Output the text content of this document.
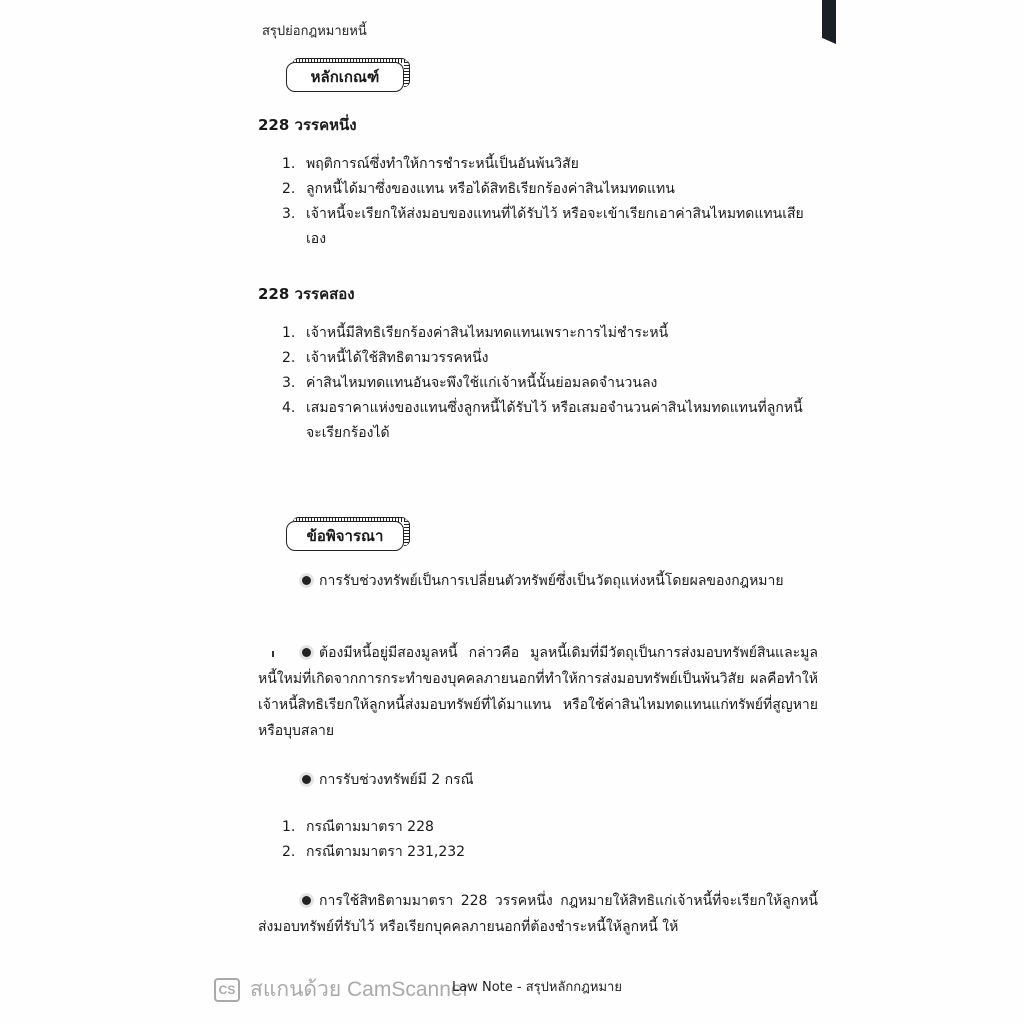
สรุปย่อกฎหมายหนี้
หลักเกณฑ์
228 วรรคหนึ่ง
1. พฤติการณ์ซึ่งทำให้การชำระหนี้เป็นอันพ้นวิสัย
2. ลูกหนี้ได้มาซึ่งของแทน หรือได้สิทธิเรียกร้องค่าสินไหมทดแทน
3. เจ้าหนี้จะเรียกให้ส่งมอบของแทนที่ได้รับไว้ หรือจะเข้าเรียกเอาค่าสินไหมทดแทนเสียเอง
228 วรรคสอง
1. เจ้าหนี้มีสิทธิเรียกร้องค่าสินไหมทดแทนเพราะการไม่ชำระหนี้
2. เจ้าหนี้ได้ใช้สิทธิตามวรรคหนึ่ง
3. ค่าสินไหมทดแทนอันจะพึงใช้แก่เจ้าหนี้นั้นย่อมลดจำนวนลง
4. เสมอราคาแห่งของแทนซึ่งลูกหนี้ได้รับไว้ หรือเสมอจำนวนค่าสินไหมทดแทนที่ลูกหนี้จะเรียกร้องได้
ข้อพิจารณา
การรับช่วงทรัพย์เป็นการเปลี่ยนตัวทรัพย์ซึ่งเป็นวัตถุแห่งหนี้โดยผลของกฎหมาย
ต้องมีหนี้อยู่มีสองมูลหนี้ กล่าวคือ มูลหนี้เดิมที่มีวัตถุเป็นการส่งมอบทรัพย์สินและมูลหนี้ใหม่ที่เกิดจากการกระทำของบุคคลภายนอกที่ทำให้การส่งมอบทรัพย์เป็นพ้นวิสัย ผลคือทำให้เจ้าหนี้สิทธิเรียกให้ลูกหนี้ส่งมอบทรัพย์ที่ได้มาแทน หรือใช้ค่าสินไหมทดแทนแก่ทรัพย์ที่สูญหายหรือบุบสลาย
การรับช่วงทรัพย์มี 2 กรณี
1. กรณีตามมาตรา 228
2. กรณีตามมาตรา 231,232
การใช้สิทธิตามมาตรา 228 วรรคหนึ่ง กฎหมายให้สิทธิแก่เจ้าหนี้ที่จะเรียกให้ลูกหนี้ส่งมอบทรัพย์ที่รับไว้ หรือเรียกบุคคลภายนอกที่ต้องชำระหนี้ให้ลูกหนี้ ให้
CS สแกนด้วย CamScanner
Law Note - สรุปหลักกฎหมาย
